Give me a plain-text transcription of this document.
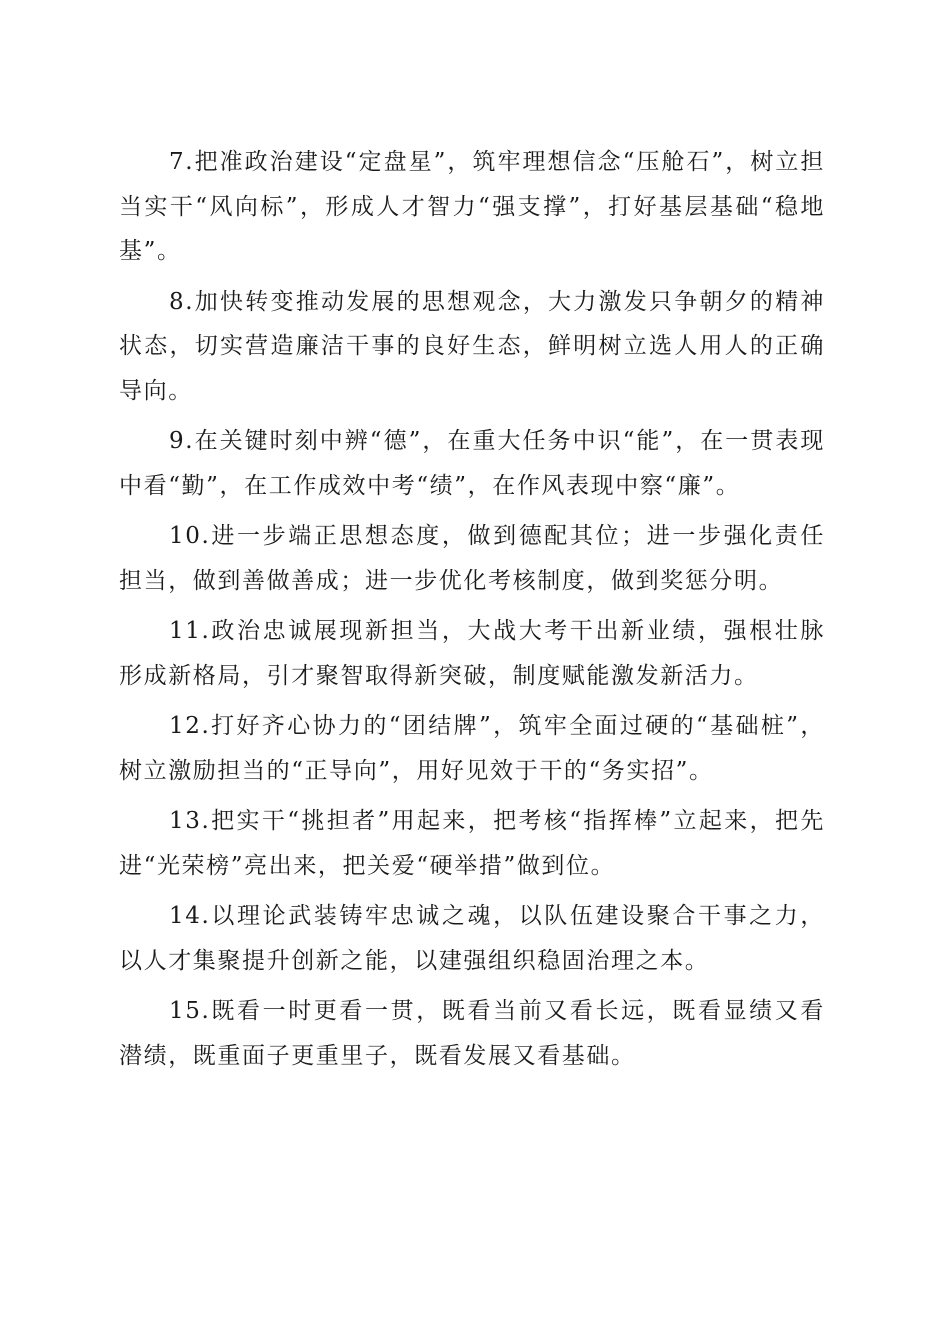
7.把准政治建设“定盘星”，筑牢理想信念“压舱石”，树立担当实干“风向标”，形成人才智力“强支撑”，打好基层基础“稳地基”。

8.加快转变推动发展的思想观念，大力激发只争朝夕的精神状态，切实营造廉洁干事的良好生态，鲜明树立选人用人的正确导向。

9.在关键时刻中辨“德”，在重大任务中识“能”，在一贯表现中看“勤”，在工作成效中考“绩”，在作风表现中察“廉”。

10.进一步端正思想态度，做到德配其位；进一步强化责任担当，做到善做善成；进一步优化考核制度，做到奖惩分明。

11.政治忠诚展现新担当，大战大考干出新业绩，强根壮脉形成新格局，引才聚智取得新突破，制度赋能激发新活力。

12.打好齐心协力的“团结牌”，筑牢全面过硬的“基础桩”，树立激励担当的“正导向”，用好见效于干的“务实招”。

13.把实干“挑担者”用起来，把考核“指挥棒”立起来，把先进“光荣榜”亮出来，把关爱“硬举措”做到位。

14.以理论武装铸牢忠诚之魂，以队伍建设聚合干事之力，以人才集聚提升创新之能，以建强组织稳固治理之本。

15.既看一时更看一贯，既看当前又看长远，既看显绩又看潜绩，既重面子更重里子，既看发展又看基础。
